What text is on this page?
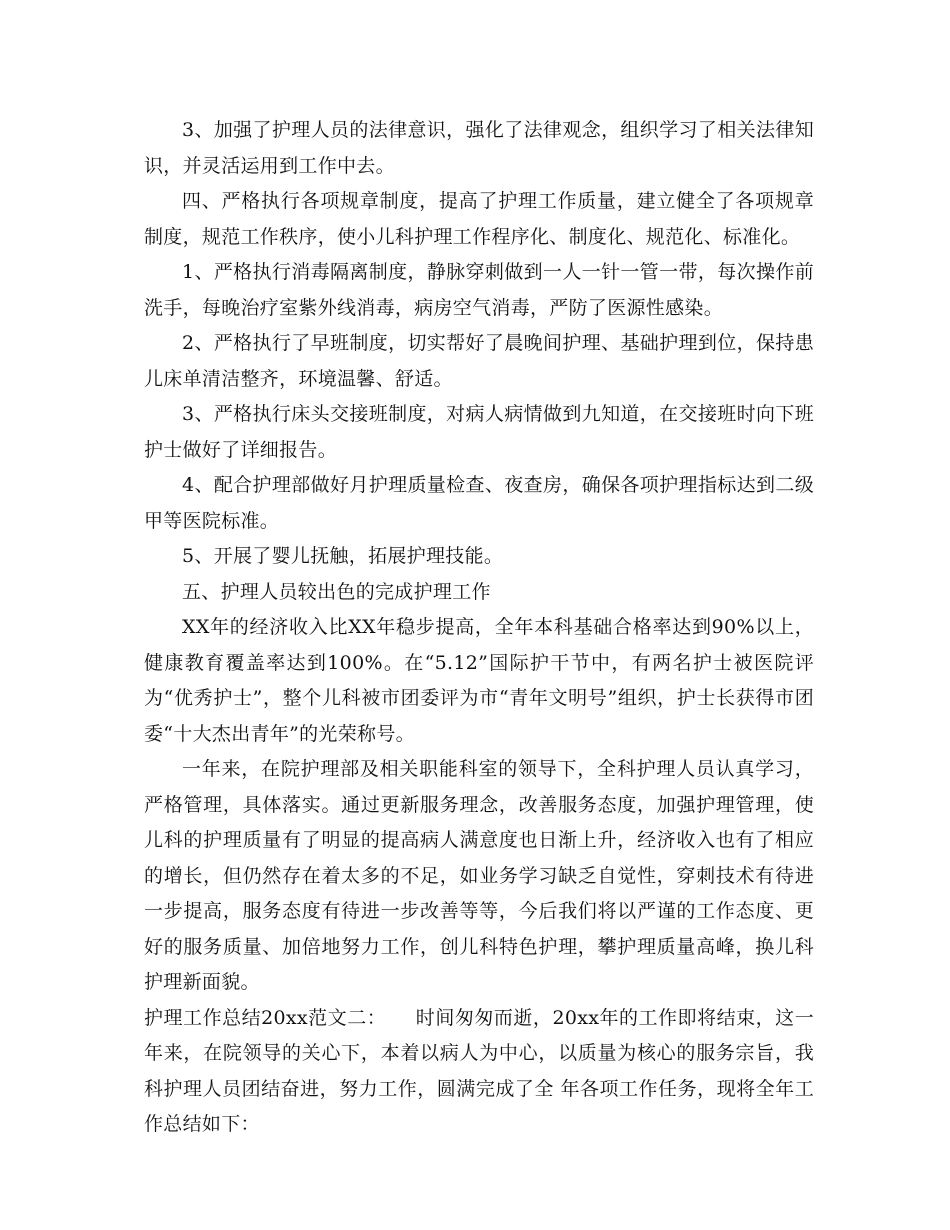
3、加强了护理人员的法律意识，强化了法律观念，组织学习了相关法律知识，并灵活运用到工作中去。

四、严格执行各项规章制度，提高了护理工作质量，建立健全了各项规章制度，规范工作秩序，使小儿科护理工作程序化、制度化、规范化、标准化。

1、严格执行消毒隔离制度，静脉穿刺做到一人一针一管一带，每次操作前洗手，每晚治疗室紫外线消毒，病房空气消毒，严防了医源性感染。

2、严格执行了早班制度，切实帮好了晨晚间护理、基础护理到位，保持患儿床单清洁整齐，环境温馨、舒适。

3、严格执行床头交接班制度，对病人病情做到九知道，在交接班时向下班护士做好了详细报告。

4、配合护理部做好月护理质量检查、夜查房，确保各项护理指标达到二级甲等医院标准。

5、开展了婴儿抚触，拓展护理技能。

五、护理人员较出色的完成护理工作

XX年的经济收入比XX年稳步提高，全年本科基础合格率达到90%以上，健康教育覆盖率达到100%。在“5.12”国际护干节中，有两名护士被医院评为“优秀护士”，整个儿科被市团委评为市“青年文明号”组织，护士长获得市团委“十大杰出青年”的光荣称号。

一年来，在院护理部及相关职能科室的领导下，全科护理人员认真学习，严格管理，具体落实。通过更新服务理念，改善服务态度，加强护理管理，使儿科的护理质量有了明显的提高病人满意度也日渐上升，经济收入也有了相应的增长，但仍然存在着太多的不足，如业务学习缺乏自觉性，穿刺技术有待进一步提高，服务态度有待进一步改善等等，今后我们将以严谨的工作态度、更好的服务质量、加倍地努力工作，创儿科特色护理，攀护理质量高峰，换儿科护理新面貌。

护理工作总结20xx范文二：　　时间匆匆而逝，20xx年的工作即将结束，这一年来，在院领导的关心下，本着以病人为中心，以质量为核心的服务宗旨，我科护理人员团结奋进，努力工作，圆满完成了全 年各项工作任务，现将全年工作总结如下：
